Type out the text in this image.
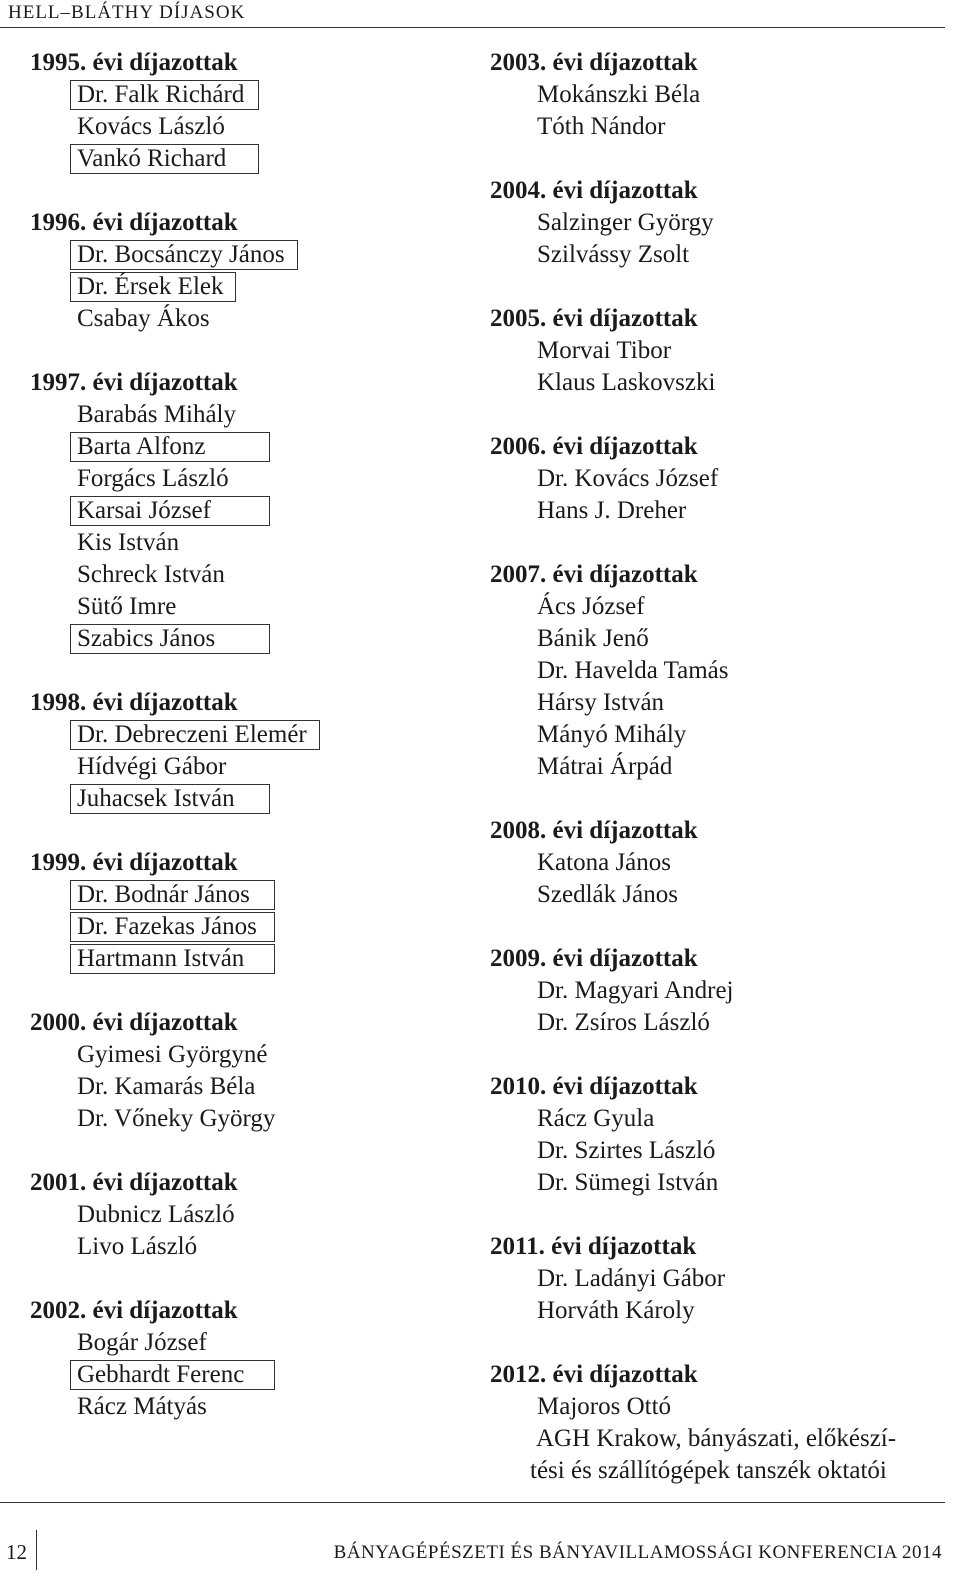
HELL–BLÁTHY DÍJASOK
1995. évi díjazottak
Dr. Falk Richárd
Kovács László
Vankó Richard
1996. évi díjazottak
Dr. Bocsánczy János
Dr. Érsek Elek
Csabay Ákos
1997. évi díjazottak
Barabás Mihály
Barta Alfonz
Forgács László
Karsai József
Kis István
Schreck István
Sütő Imre
Szabics János
1998. évi díjazottak
Dr. Debreczeni Elemér
Hídvégi Gábor
Juhacsek István
1999. évi díjazottak
Dr. Bodnár János
Dr. Fazekas János
Hartmann István
2000. évi díjazottak
Gyimesi Györgyné
Dr. Kamarás Béla
Dr. Vőneky György
2001. évi díjazottak
Dubnicz László
Livo László
2002. évi díjazottak
Bogár József
Gebhardt Ferenc
Rácz Mátyás
2003. évi díjazottak
Mokánszki Béla
Tóth Nándor
2004. évi díjazottak
Salzinger György
Szilvássy Zsolt
2005. évi díjazottak
Morvai Tibor
Klaus Laskovszki
2006. évi díjazottak
Dr. Kovács József
Hans J. Dreher
2007. évi díjazottak
Ács József
Bánik Jenő
Dr. Havelda Tamás
Hársy István
Mányó Mihály
Mátrai Árpád
2008. évi díjazottak
Katona János
Szedlák János
2009. évi díjazottak
Dr. Magyari Andrej
Dr. Zsíros László
2010. évi díjazottak
Rácz Gyula
Dr. Szirtes László
Dr. Sümegi István
2011. évi díjazottak
Dr. Ladányi Gábor
Horváth Károly
2012. évi díjazottak
Majoros Ottó
AGH Krakow, bányászati, előkészí-tési és szállítógépek tanszék oktatói
12	BÁNYAGÉPÉSZETI ÉS BÁNYAVILLAMOSSÁGI KONFERENCIA 2014
